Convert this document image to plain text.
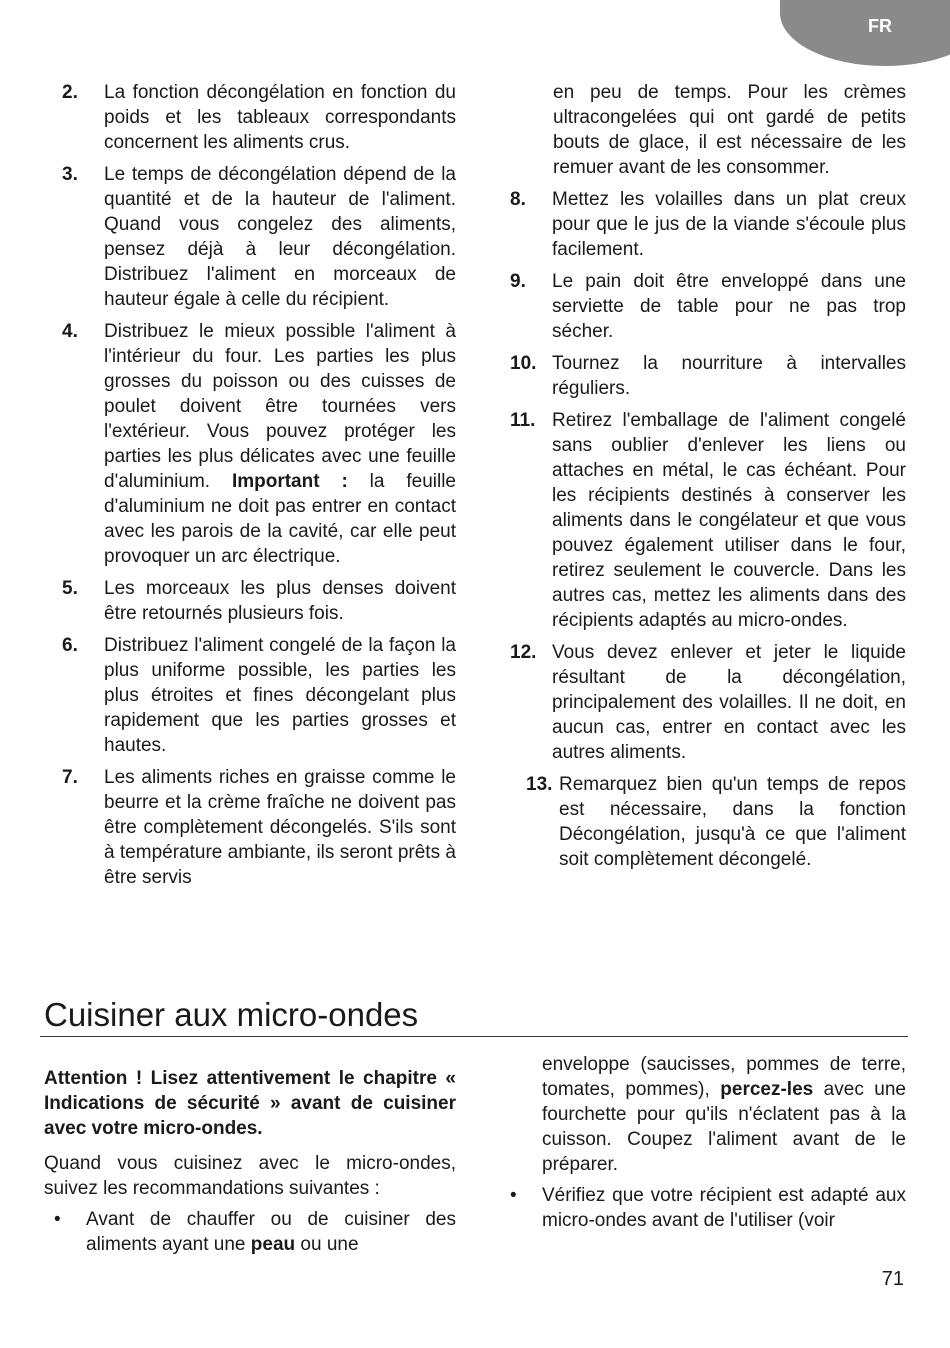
FR
2.	La fonction décongélation en fonction du poids et les tableaux correspondants concernent les aliments crus.
3.	Le temps de décongélation dépend de la quantité et de la hauteur de l'aliment. Quand vous congelez des aliments, pensez déjà à leur décongélation. Distribuez l'aliment en morceaux de hauteur égale à celle du récipient.
4.	Distribuez le mieux possible l'aliment à l'intérieur du four. Les parties les plus grosses du poisson ou des cuisses de poulet doivent être tournées vers l'extérieur. Vous pouvez protéger les parties les plus délicates avec une feuille d'aluminium. Important : la feuille d'aluminium ne doit pas entrer en contact avec les parois de la cavité, car elle peut provoquer un arc électrique.
5.	Les morceaux les plus denses doivent être retournés plusieurs fois.
6.	Distribuez l'aliment congelé de la façon la plus uniforme possible, les parties les plus étroites et fines décongelant plus rapidement que les parties grosses et hautes.
7.	Les aliments riches en graisse comme le beurre et la crème fraîche ne doivent pas être complètement décongelés. S'ils sont à température ambiante, ils seront prêts à être servis
en peu de temps. Pour les crèmes ultracongelées qui ont gardé de petits bouts de glace, il est nécessaire de les remuer avant de les consommer.
8.	Mettez les volailles dans un plat creux pour que le jus de la viande s'écoule plus facilement.
9.	Le pain doit être enveloppé dans une serviette de table pour ne pas trop sécher.
10. Tournez la nourriture à intervalles réguliers.
11. Retirez l'emballage de l'aliment congelé sans oublier d'enlever les liens ou attaches en métal, le cas échéant. Pour les récipients destinés à conserver les aliments dans le congélateur et que vous pouvez également utiliser dans le four, retirez seulement le couvercle. Dans les autres cas, mettez les aliments dans des récipients adaptés au micro-ondes.
12. Vous devez enlever et jeter le liquide résultant de la décongélation, principalement des volailles. Il ne doit, en aucun cas, entrer en contact avec les autres aliments.
13. Remarquez bien qu'un temps de repos est nécessaire, dans la fonction Décongélation, jusqu'à ce que l'aliment soit complètement décongelé.
Cuisiner aux micro-ondes
Attention ! Lisez attentivement le chapitre « Indications de sécurité » avant de cuisiner avec votre micro-ondes.
Quand vous cuisinez avec le micro-ondes, suivez les recommandations suivantes :
•	Avant de chauffer ou de cuisiner des aliments ayant une peau ou une
enveloppe (saucisses, pommes de terre, tomates, pommes), percez-les avec une fourchette pour qu'ils n'éclatent pas à la cuisson. Coupez l'aliment avant de le préparer.
•	Vérifiez que votre récipient est adapté aux micro-ondes avant de l'utiliser (voir
71
